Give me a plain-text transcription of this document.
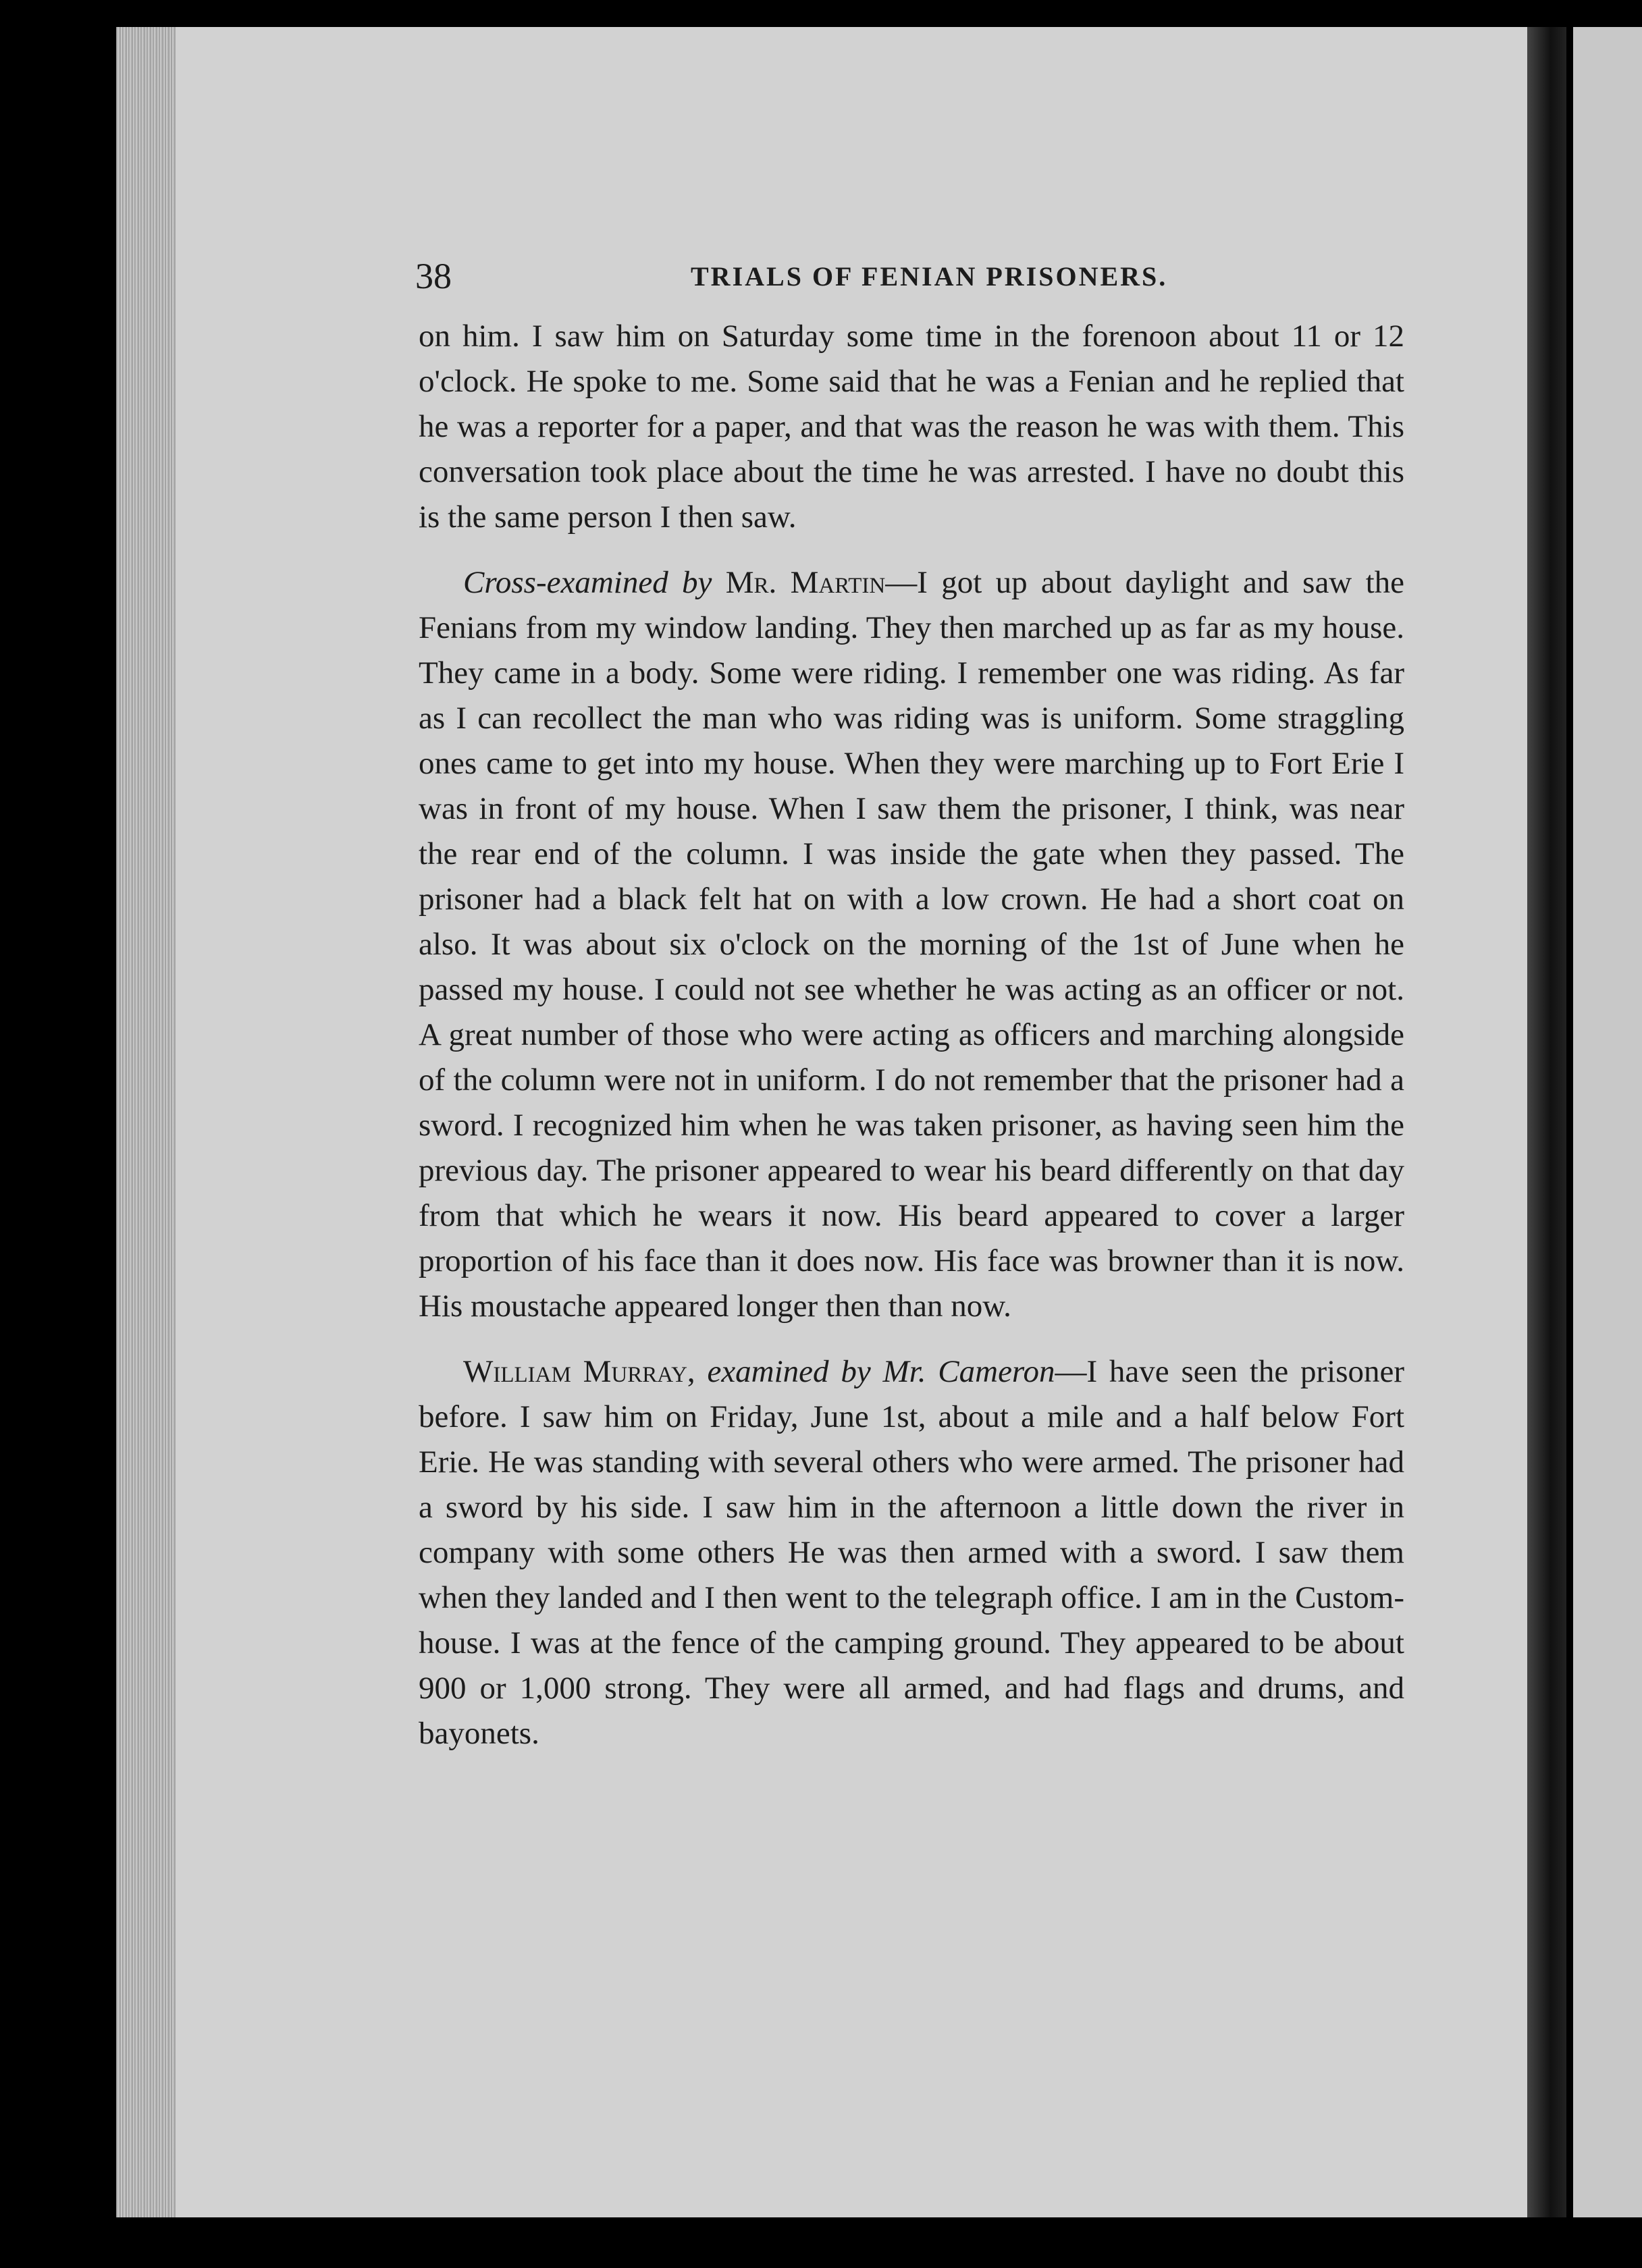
38	TRIALS OF FENIAN PRISONERS.

on him. I saw him on Saturday some time in the forenoon about 11 or 12 o'clock. He spoke to me. Some said that he was a Fenian and he replied that he was a reporter for a paper, and that was the reason he was with them. This conversation took place about the time he was arrested. I have no doubt this is the same person I then saw.

Cross-examined by Mr. Martin—I got up about daylight and saw the Fenians from my window landing. They then marched up as far as my house. They came in a body. Some were riding. I remember one was riding. As far as I can recollect the man who was riding was is uniform. Some straggling ones came to get into my house. When they were marching up to Fort Erie I was in front of my house. When I saw them the prisoner, I think, was near the rear end of the column. I was inside the gate when they passed. The prisoner had a black felt hat on with a low crown. He had a short coat on also. It was about six o'clock on the morning of the 1st of June when he passed my house. I could not see whether he was acting as an officer or not. A great number of those who were acting as officers and marching alongside of the column were not in uniform. I do not remember that the prisoner had a sword. I recognized him when he was taken prisoner, as having seen him the previous day. The prisoner appeared to wear his beard differently on that day from that which he wears it now. His beard appeared to cover a larger proportion of his face than it does now. His face was browner than it is now. His moustache appeared longer then than now.

William Murray, examined by Mr. Cameron—I have seen the prisoner before. I saw him on Friday, June 1st, about a mile and a half below Fort Erie. He was standing with several others who were armed. The prisoner had a sword by his side. I saw him in the afternoon a little down the river in company with some others He was then armed with a sword. I saw them when they landed and I then went to the telegraph office. I am in the Custom-house. I was at the fence of the camping ground. They appeared to be about 900 or 1,000 strong. They were all armed, and had flags and drums, and bayonets.
